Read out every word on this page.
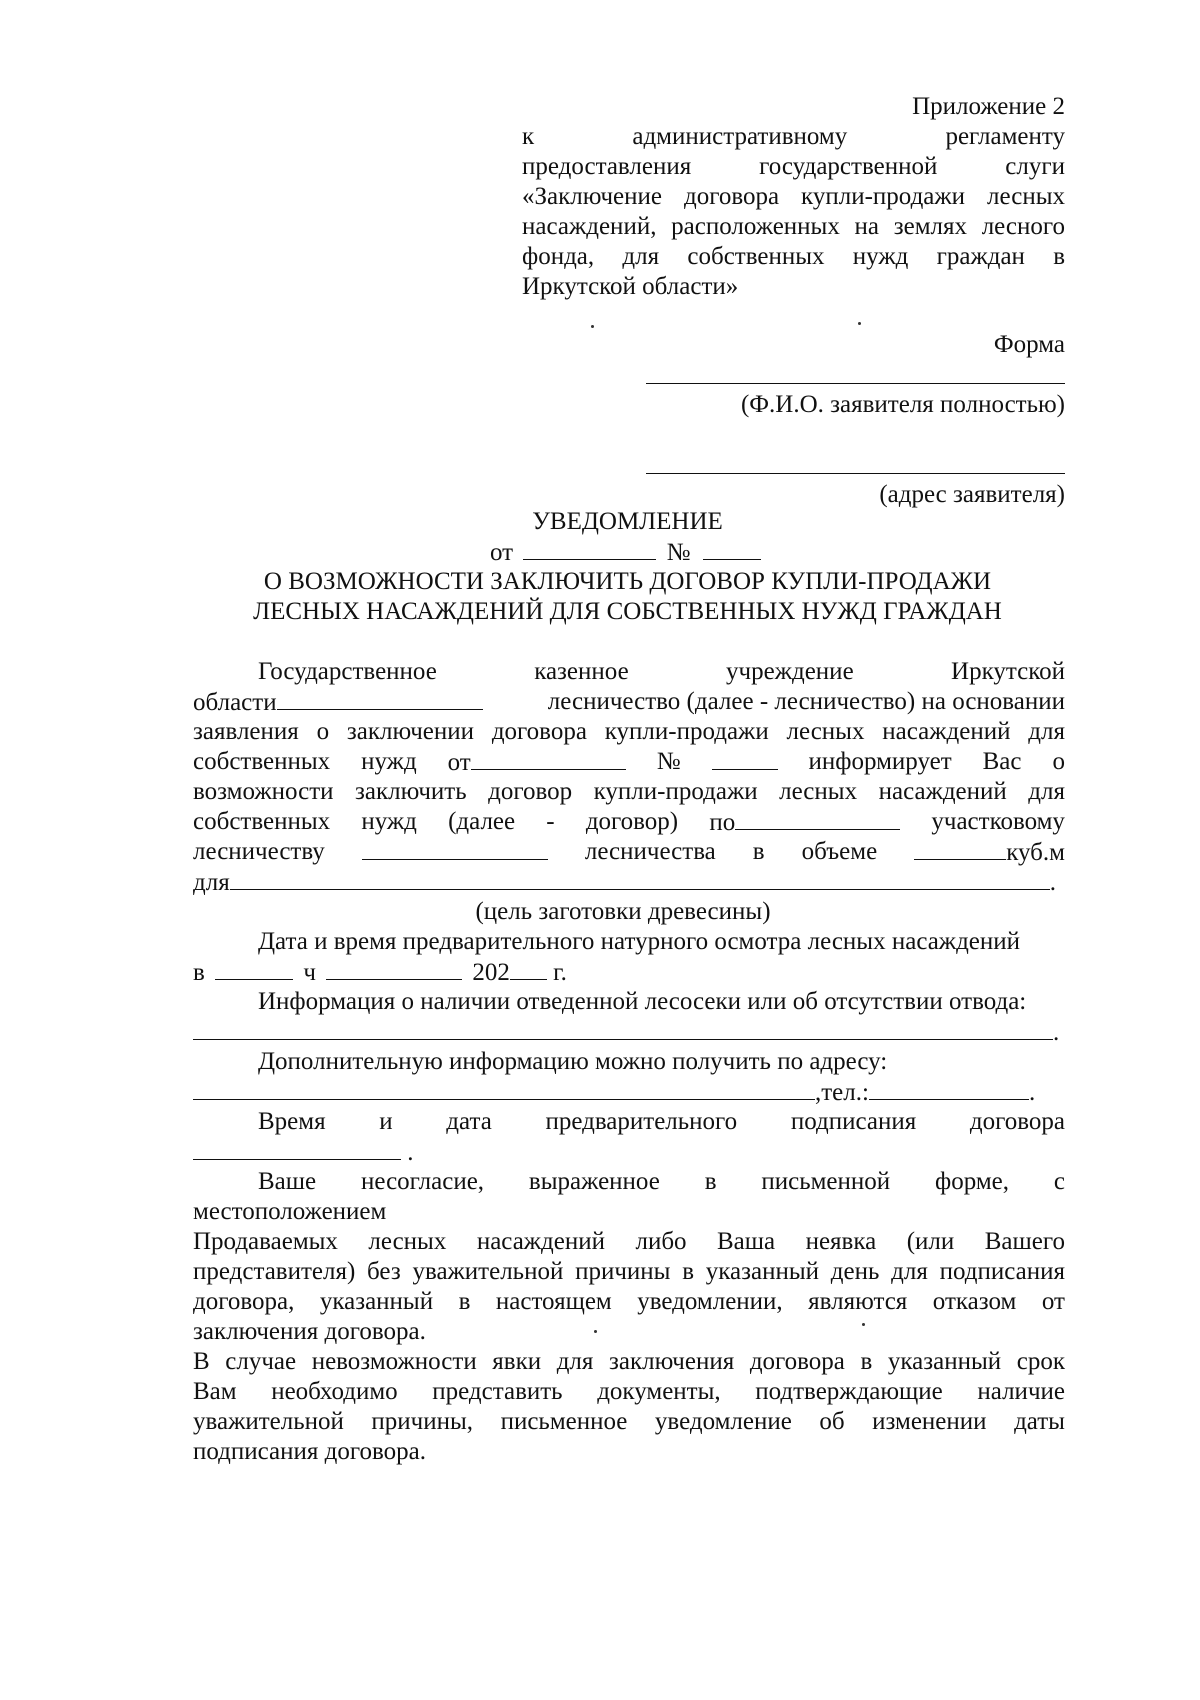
Приложение 2
к	административному	регламенту
предоставления	государственной	слуги
«Заключение договора купли-продажи лесных
насаждений, расположенных на землях лесного
фонда, для собственных нужд граждан в
Иркутской области»
Форма
(Ф.И.О. заявителя полностью)
(адрес заявителя)
УВЕДОМЛЕНИЕ
от	№
О ВОЗМОЖНОСТИ ЗАКЛЮЧИТЬ ДОГОВОР КУПЛИ-ПРОДАЖИ
ЛЕСНЫХ НАСАЖДЕНИЙ ДЛЯ СОБСТВЕННЫХ НУЖД ГРАЖДАН
Государственное	казенное	учреждение	Иркутской
области	лесничество (далее - лесничество) на основании
заявления о заключении договора купли-продажи лесных насаждений для
собственных нужд от	№	информирует Вас о
возможности заключить договор купли-продажи лесных насаждений для
собственных нужд (далее - договор) по	участковому
лесничеству	лесничества в объеме	куб.м
для	.
(цель заготовки древесины)
Дата и время предварительного натурного осмотра лесных насаждений
в	ч	202 г.
Информация о наличии отведенной лесосеки или об отсутствии отвода:
.
Дополнительную информацию можно получить по адресу:
,тел.:	.
Время и дата предварительного подписания договора
.
Ваше несогласие, выраженное в письменной форме, с
местоположением
Продаваемых лесных насаждений либо Ваша неявка (или Вашего
представителя) без уважительной причины в указанный день для подписания
договора, указанный в настоящем уведомлении, являются отказом от
заключения договора.
В случае невозможности явки для заключения договора в указанный срок
Вам необходимо представить документы, подтверждающие наличие
уважительной причины, письменное уведомление об изменении даты
подписания договора.
